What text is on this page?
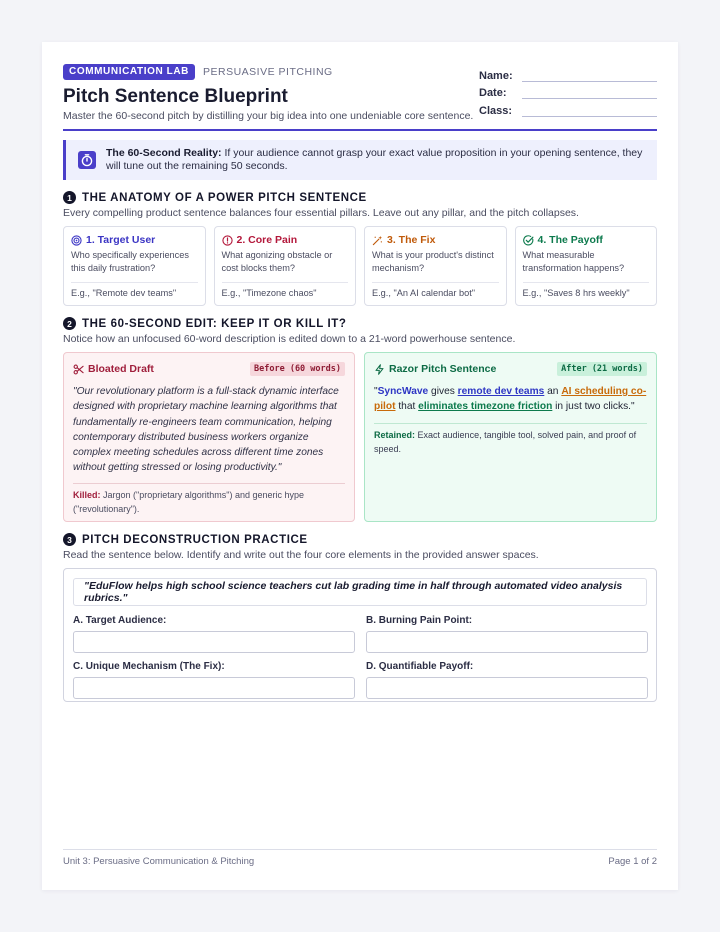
COMMUNICATION LAB	PERSUASIVE PITCHING
Pitch Sentence Blueprint
Master the 60-second pitch by distilling your big idea into one undeniable core sentence.
Name:
Date:
Class:
The 60-Second Reality: If your audience cannot grasp your exact value proposition in your opening sentence, they will tune out the remaining 50 seconds.
1 THE ANATOMY OF A POWER PITCH SENTENCE
Every compelling product sentence balances four essential pillars. Leave out any pillar, and the pitch collapses.
1. Target User
Who specifically experiences this daily frustration?
E.g., "Remote dev teams"
2. Core Pain
What agonizing obstacle or cost blocks them?
E.g., "Timezone chaos"
3. The Fix
What is your product's distinct mechanism?
E.g., "An AI calendar bot"
4. The Payoff
What measurable transformation happens?
E.g., "Saves 8 hrs weekly"
2 THE 60-SECOND EDIT: KEEP IT OR KILL IT?
Notice how an unfocused 60-word description is edited down to a 21-word powerhouse sentence.
Bloated Draft	Before (60 words)
"Our revolutionary platform is a full-stack dynamic interface designed with proprietary machine learning algorithms that fundamentally re-engineers team communication, helping contemporary distributed business workers organize complex meeting schedules across different time zones without getting stressed or losing productivity."
Killed: Jargon ("proprietary algorithms") and generic hype ("revolutionary").
Razor Pitch Sentence	After (21 words)
"SyncWave gives remote dev teams an AI scheduling co-pilot that eliminates timezone friction in just two clicks."
Retained: Exact audience, tangible tool, solved pain, and proof of speed.
3 PITCH DECONSTRUCTION PRACTICE
Read the sentence below. Identify and write out the four core elements in the provided answer spaces.
"EduFlow helps high school science teachers cut lab grading time in half through automated video analysis rubrics."
A. Target Audience:	B. Burning Pain Point:
C. Unique Mechanism (The Fix):	D. Quantifiable Payoff:
Unit 3: Persuasive Communication & Pitching	Page 1 of 2
